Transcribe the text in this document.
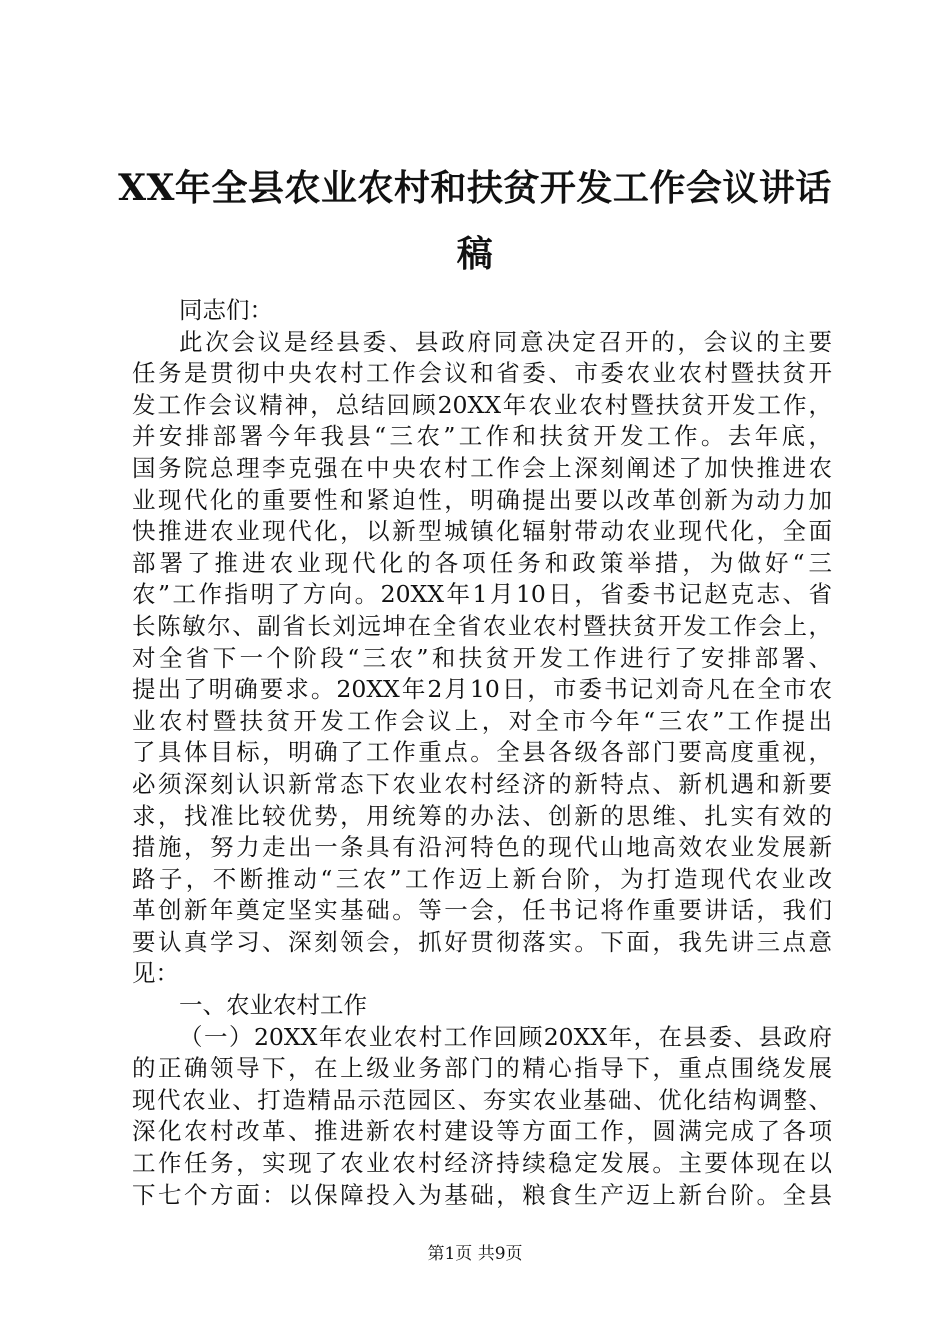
XX年全县农业农村和扶贫开发工作会议讲话
稿
同志们：
此次会议是经县委、县政府同意决定召开的，会议的主要
任务是贯彻中央农村工作会议和省委、市委农业农村暨扶贫开
发工作会议精神，总结回顾20XX年农业农村暨扶贫开发工作，
并安排部署今年我县“三农”工作和扶贫开发工作。去年底，
国务院总理李克强在中央农村工作会上深刻阐述了加快推进农
业现代化的重要性和紧迫性，明确提出要以改革创新为动力加
快推进农业现代化，以新型城镇化辐射带动农业现代化，全面
部署了推进农业现代化的各项任务和政策举措，为做好“三
农”工作指明了方向。20XX年1月10日，省委书记赵克志、省
长陈敏尔、副省长刘远坤在全省农业农村暨扶贫开发工作会上，
对全省下一个阶段“三农”和扶贫开发工作进行了安排部署、
提出了明确要求。20XX年2月10日，市委书记刘奇凡在全市农
业农村暨扶贫开发工作会议上，对全市今年“三农”工作提出
了具体目标，明确了工作重点。全县各级各部门要高度重视，
必须深刻认识新常态下农业农村经济的新特点、新机遇和新要
求，找准比较优势，用统筹的办法、创新的思维、扎实有效的
措施，努力走出一条具有沿河特色的现代山地高效农业发展新
路子，不断推动“三农”工作迈上新台阶，为打造现代农业改
革创新年奠定坚实基础。等一会，任书记将作重要讲话，我们
要认真学习、深刻领会，抓好贯彻落实。下面，我先讲三点意
见：
一、农业农村工作
（一）20XX年农业农村工作回顾20XX年，在县委、县政府
的正确领导下，在上级业务部门的精心指导下，重点围绕发展
现代农业、打造精品示范园区、夯实农业基础、优化结构调整、
深化农村改革、推进新农村建设等方面工作，圆满完成了各项
工作任务，实现了农业农村经济持续稳定发展。主要体现在以
下七个方面：以保障投入为基础，粮食生产迈上新台阶。全县
第1页 共9页
